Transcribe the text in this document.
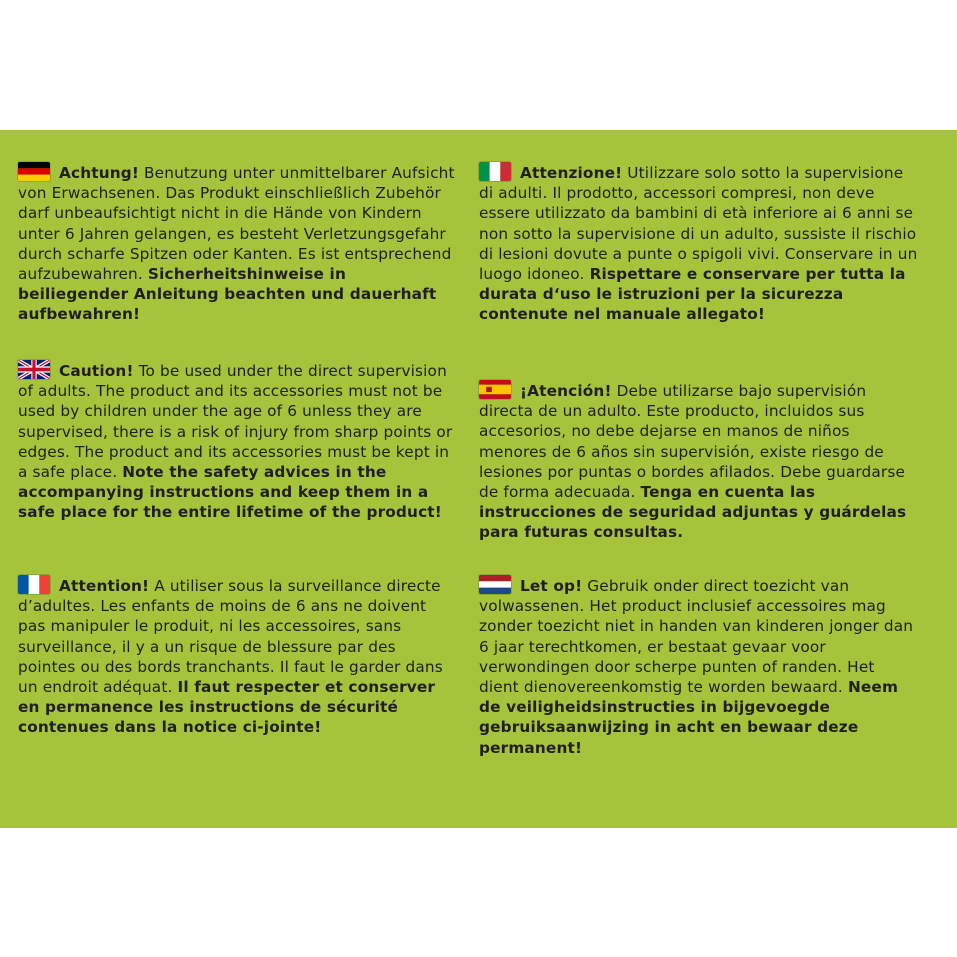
Achtung! Benutzung unter unmittelbarer Aufsicht von Erwachsenen. Das Produkt einschließlich Zubehör darf unbeaufsichtigt nicht in die Hände von Kindern unter 6 Jahren gelangen, es besteht Verletzungsgefahr durch scharfe Spitzen oder Kanten. Es ist entsprechend aufzubewahren. Sicherheitshinweise in beiliegender Anleitung beachten und dauerhaft aufbewahren!
Caution! To be used under the direct supervision of adults. The product and its accessories must not be used by children under the age of 6 unless they are supervised, there is a risk of injury from sharp points or edges. The product and its accessories must be kept in a safe place. Note the safety advices in the accompanying instructions and keep them in a safe place for the entire lifetime of the product!
Attention! A utiliser sous la surveillance directe d’adultes. Les enfants de moins de 6 ans ne doivent pas manipuler le produit, ni les accessoires, sans surveillance, il y a un risque de blessure par des pointes ou des bords tranchants. Il faut le garder dans un endroit adéquat. Il faut respecter et conserver en permanence les instructions de sécurité contenues dans la notice ci-jointe!
Attenzione! Utilizzare solo sotto la supervisione di adulti. Il prodotto, accessori compresi, non deve essere utilizzato da bambini di età inferiore ai 6 anni se non sotto la supervisione di un adulto, sussiste il rischio di lesioni dovute a punte o spigoli vivi. Conservare in un luogo idoneo. Rispettare e conservare per tutta la durata d‘uso le istruzioni per la sicurezza contenute nel manuale allegato!
¡Atención! Debe utilizarse bajo supervisión directa de un adulto. Este producto, incluidos sus accesorios, no debe dejarse en manos de niños menores de 6 años sin supervisión, existe riesgo de lesiones por puntas o bordes afilados. Debe guardarse de forma adecuada. Tenga en cuenta las instrucciones de seguridad adjuntas y guárdelas para futuras consultas.
Let op! Gebruik onder direct toezicht van volwassenen. Het product inclusief accessoires mag zonder toezicht niet in handen van kinderen jonger dan 6 jaar terechtkomen, er bestaat gevaar voor verwondingen door scherpe punten of randen. Het dient dienovereenkomstig te worden bewaard. Neem de veiligheidsinstructies in bijgevoegde gebruiksaanwijzing in acht en bewaar deze permanent!
